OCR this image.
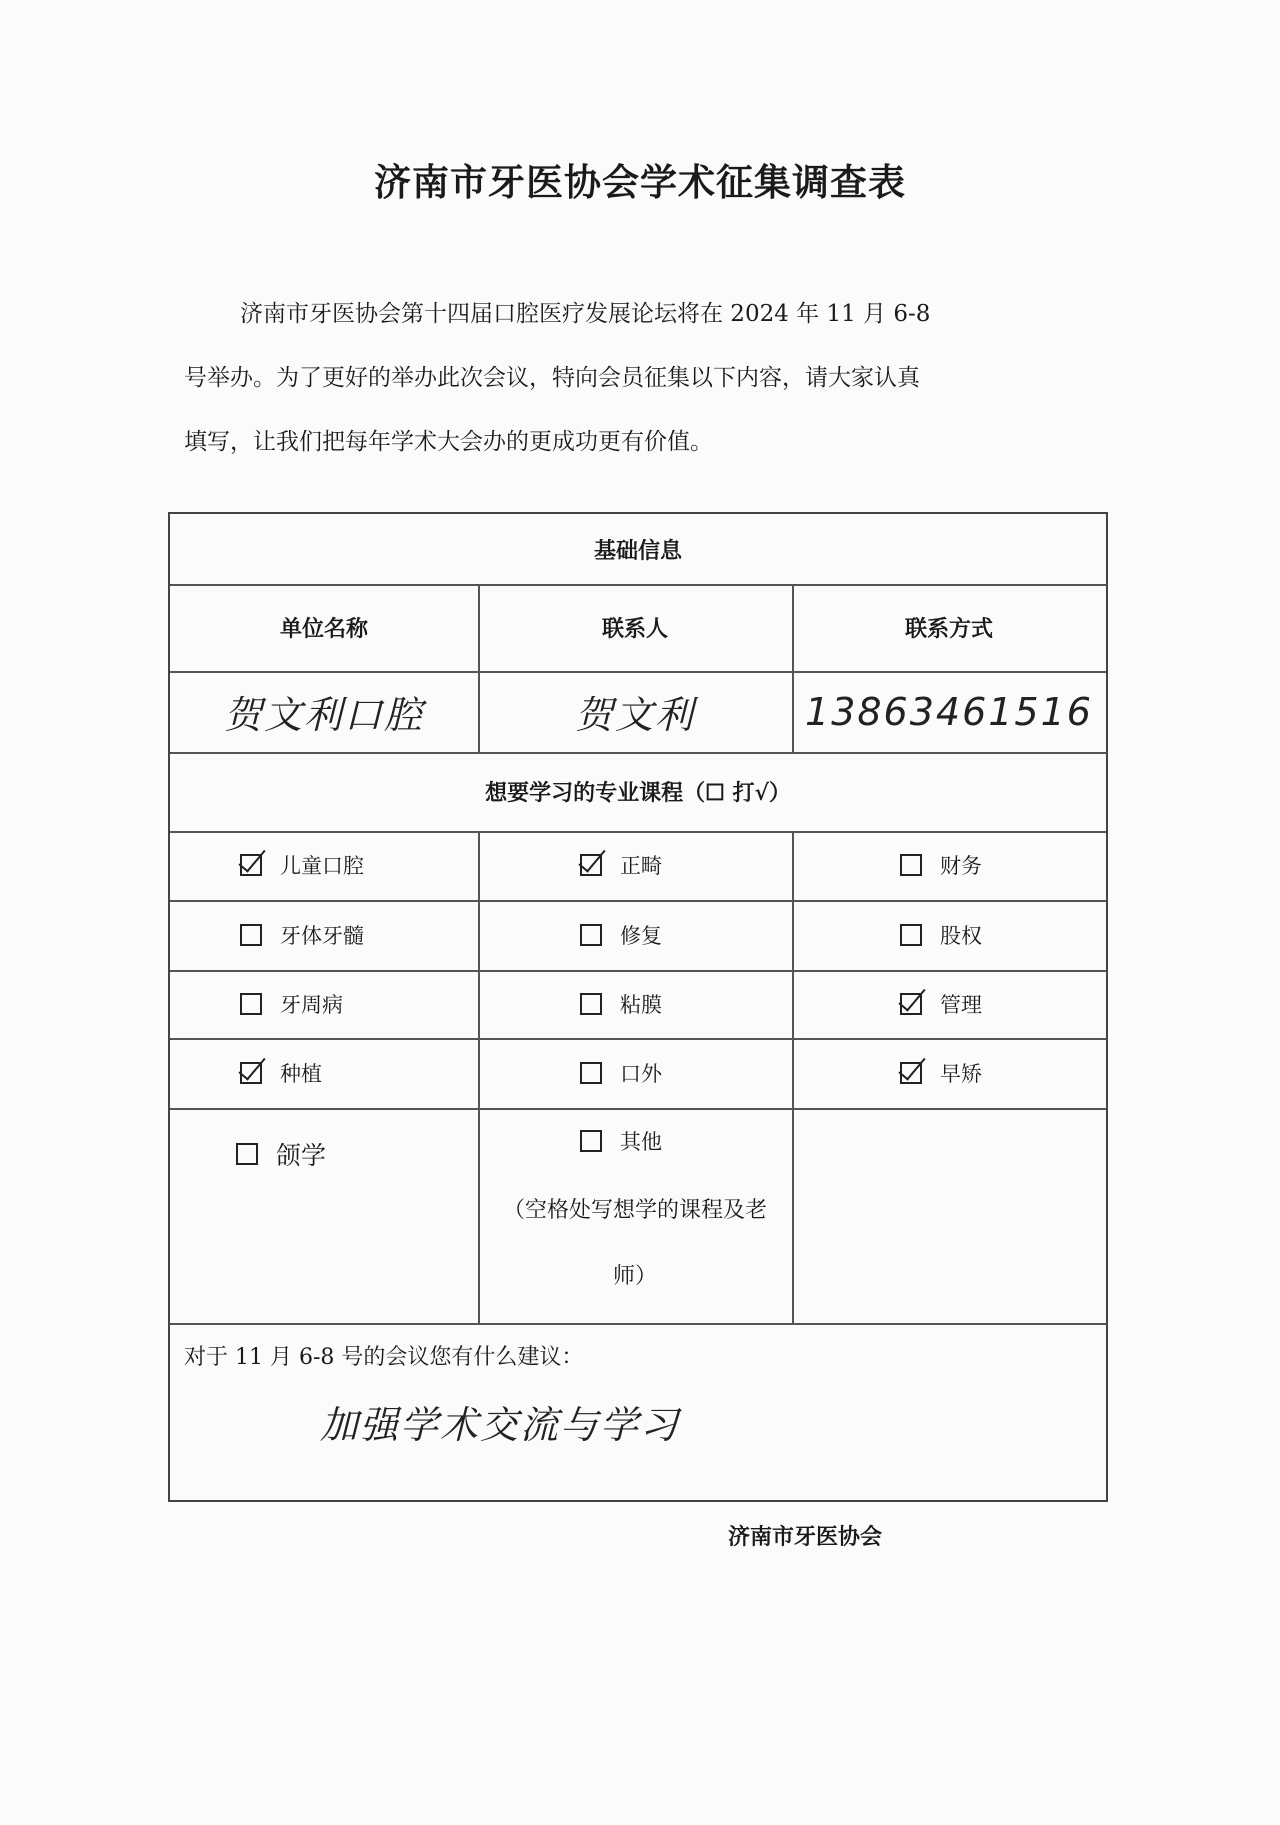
济南市牙医协会学术征集调查表

济南市牙医协会第十四届口腔医疗发展论坛将在 2024 年 11 月 6-8

号举办。为了更好的举办此次会议，特向会员征集以下内容，请大家认真

填写，让我们把每年学术大会办的更成功更有价值。

基础信息
单位名称	联系人	联系方式
贺文利口腔	贺文利	13863461516
想要学习的专业课程（☐ 打√）
儿童口腔	正畸	财务
牙体牙髓	修复	股权
牙周病	粘膜	管理
种植	口外	早矫
颌学	其他
（空格处写想学的课程及老师）
对于 11 月 6-8 号的会议您有什么建议：
加强学术交流与学习
济南市牙医协会
